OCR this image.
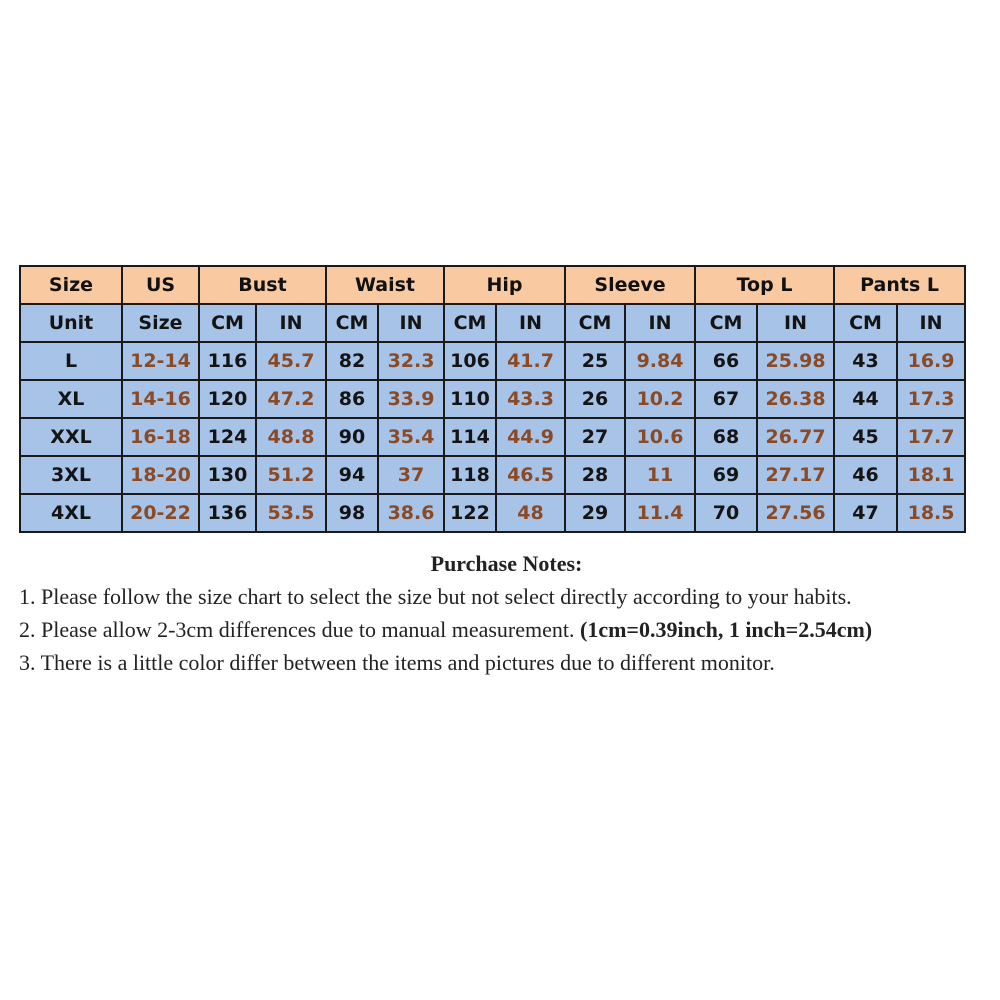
Size	US	Bust		Waist		Hip		Sleeve		Top L		Pants L	
Unit	Size	CM	IN	CM	IN	CM	IN	CM	IN	CM	IN	CM	IN
L	12-14	116	45.7	82	32.3	106	41.7	25	9.84	66	25.98	43	16.9
XL	14-16	120	47.2	86	33.9	110	43.3	26	10.2	67	26.38	44	17.3
XXL	16-18	124	48.8	90	35.4	114	44.9	27	10.6	68	26.77	45	17.7
3XL	18-20	130	51.2	94	37	118	46.5	28	11	69	27.17	46	18.1
4XL	20-22	136	53.5	98	38.6	122	48	29	11.4	70	27.56	47	18.5
Purchase Notes:

1. Please follow the size chart to select the size but not select directly according to your habits.

2. Please allow 2-3cm differences due to manual measurement. (1cm=0.39inch, 1 inch=2.54cm)

3. There is a little color differ between the items and pictures due to different monitor.
